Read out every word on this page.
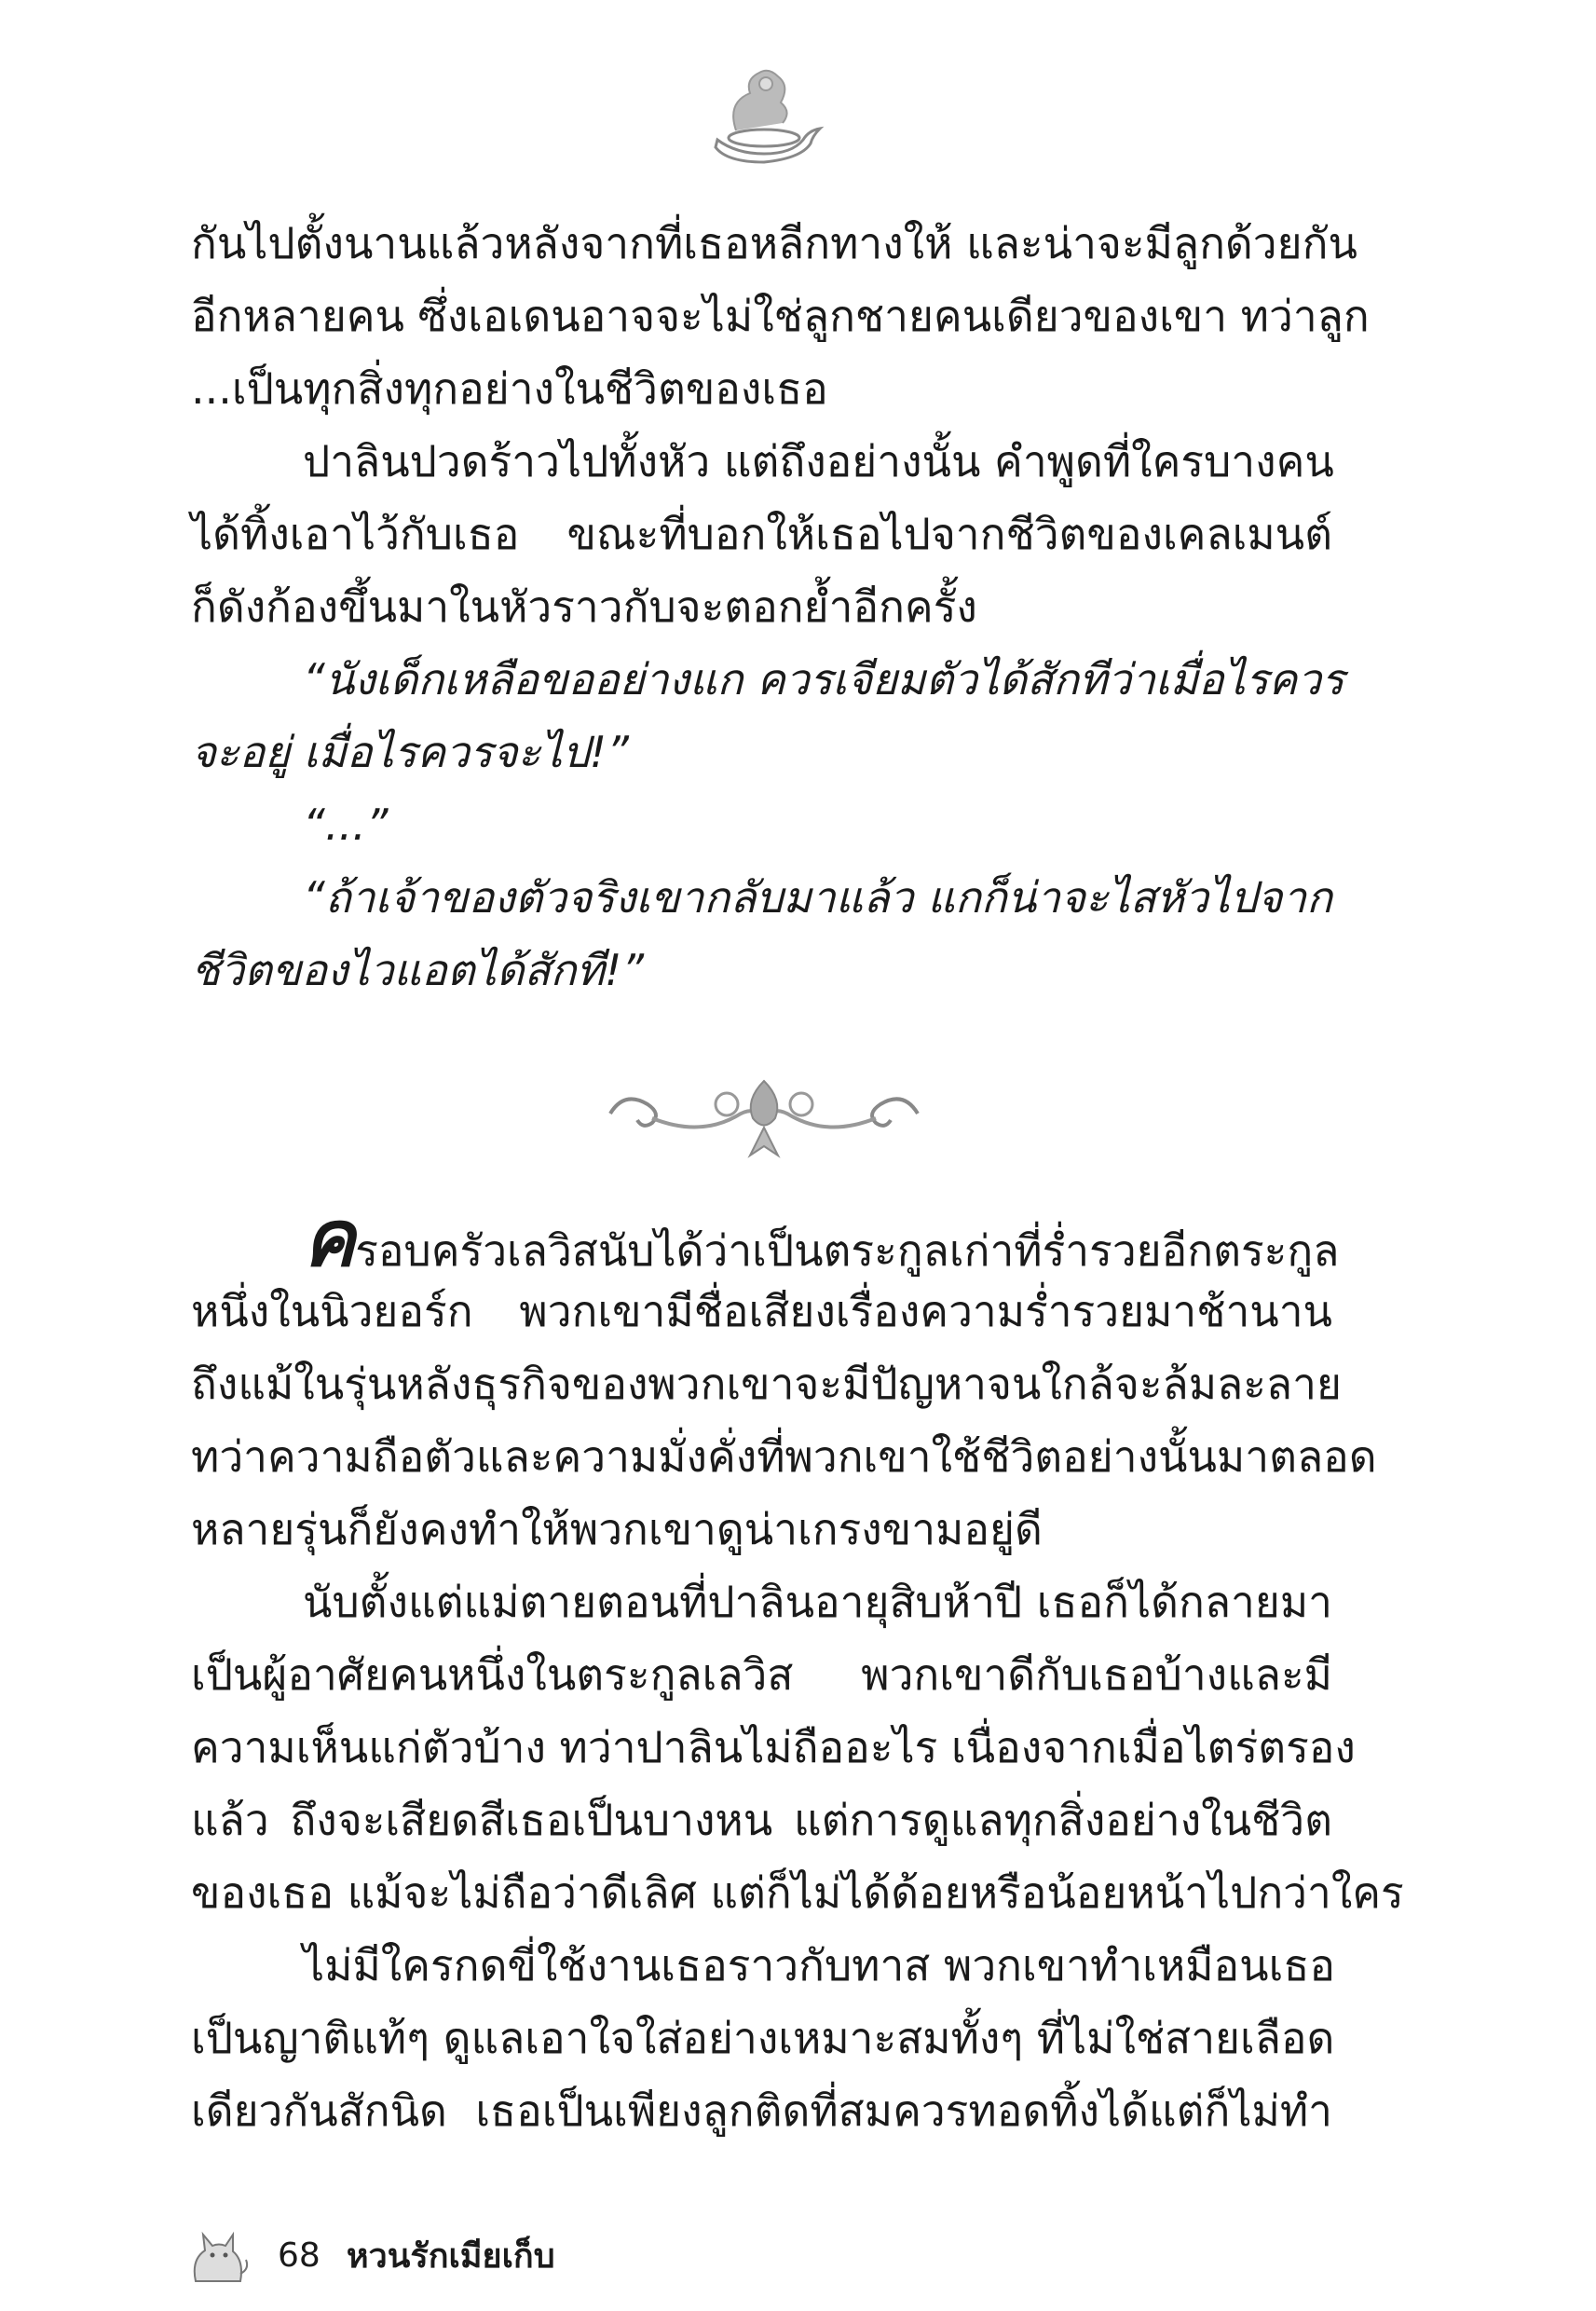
กันไปตั้งนานแล้วหลังจากที่เธอหลีกทางให้ และน่าจะมีลูกด้วยกัน
อีกหลายคน ซึ่งเอเดนอาจจะไม่ใช่ลูกชายคนเดียวของเขา ทว่าลูก
...เป็นทุกสิ่งทุกอย่างในชีวิตของเธอ
ปาลินปวดร้าวไปทั้งหัว แต่ถึงอย่างนั้น คำพูดที่ใครบางคน
ได้ทิ้งเอาไว้กับเธอ ขณะที่บอกให้เธอไปจากชีวิตของเคลเมนต์
ก็ดังก้องขึ้นมาในหัวราวกับจะตอกย้ำอีกครั้ง
“นังเด็กเหลือขออย่างแก ควรเจียมตัวได้สักทีว่าเมื่อไรควร
จะอยู่ เมื่อไรควรจะไป!”
“...”
“ถ้าเจ้าของตัวจริงเขากลับมาแล้ว แกก็น่าจะไสหัวไปจาก
ชีวิตของไวแอตได้สักที!”
ครอบครัวเลวิสนับได้ว่าเป็นตระกูลเก่าที่ร่ำรวยอีกตระกูล
หนึ่งในนิวยอร์ก พวกเขามีชื่อเสียงเรื่องความร่ำรวยมาช้านาน
ถึงแม้ในรุ่นหลังธุรกิจของพวกเขาจะมีปัญหาจนใกล้จะล้มละลาย
ทว่าความถือตัวและความมั่งคั่งที่พวกเขาใช้ชีวิตอย่างนั้นมาตลอด
หลายรุ่นก็ยังคงทำให้พวกเขาดูน่าเกรงขามอยู่ดี
นับตั้งแต่แม่ตายตอนที่ปาลินอายุสิบห้าปี เธอก็ได้กลายมา
เป็นผู้อาศัยคนหนึ่งในตระกูลเลวิส พวกเขาดีกับเธอบ้างและมี
ความเห็นแก่ตัวบ้าง ทว่าปาลินไม่ถืออะไร เนื่องจากเมื่อไตร่ตรอง
แล้ว ถึงจะเสียดสีเธอเป็นบางหน แต่การดูแลทุกสิ่งอย่างในชีวิต
ของเธอ แม้จะไม่ถือว่าดีเลิศ แต่ก็ไม่ได้ด้อยหรือน้อยหน้าไปกว่าใคร
ไม่มีใครกดขี่ใช้งานเธอราวกับทาส พวกเขาทำเหมือนเธอ
เป็นญาติแท้ๆ ดูแลเอาใจใส่อย่างเหมาะสมทั้งๆ ที่ไม่ใช่สายเลือด
เดียวกันสักนิด เธอเป็นเพียงลูกติดที่สมควรทอดทิ้งได้แต่ก็ไม่ทำ
68 หวนรักเมียเก็บ
